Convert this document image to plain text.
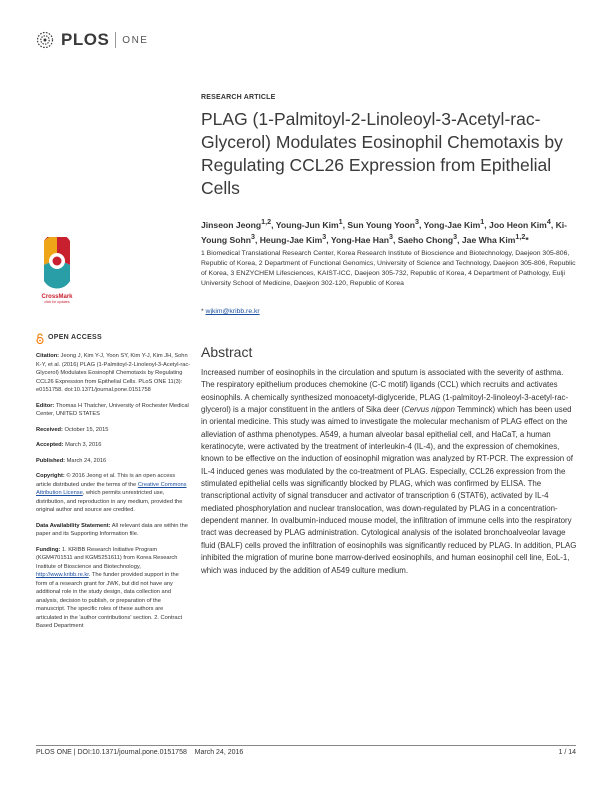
PLOS ONE
CrossMark
click for updates
RESEARCH ARTICLE
PLAG (1-Palmitoyl-2-Linoleoyl-3-Acetyl-rac-Glycerol) Modulates Eosinophil Chemotaxis by Regulating CCL26 Expression from Epithelial Cells
Jinseon Jeong$^{1,2}$, Young-Jun Kim$^1$, Sun Young Yoon$^3$, Yong-Jae Kim$^1$, Joo Heon Kim$^4$, Ki-Young Sohn$^3$, Heung-Jae Kim$^3$, Yong-Hae Han$^3$, Saeho Chong$^3$, Jae Wha Kim$^{1,2}$*
1 Biomedical Translational Research Center, Korea Research Institute of Bioscience and Biotechnology, Daejeon 305-806, Republic of Korea, 2 Department of Functional Genomics, University of Science and Technology, Daejeon 305-806, Republic of Korea, 3 ENZYCHEM Lifesciences, KAIST-ICC, Daejeon 305-732, Republic of Korea, 4 Department of Pathology, Eulji University School of Medicine, Daejeon 302-120, Republic of Korea
* wjkim@kribb.re.kr
Abstract
Increased number of eosinophils in the circulation and sputum is associated with the severity of asthma. The respiratory epithelium produces chemokine (C-C motif) ligands (CCL) which recruits and activates eosinophils. A chemically synthesized monoacetyl-diglyceride, PLAG (1-palmitoyl-2-linoleoyl-3-acetyl-rac-glycerol) is a major constituent in the antlers of Sika deer (Cervus nippon Temminck) which has been used in oriental medicine. This study was aimed to investigate the molecular mechanism of PLAG effect on the alleviation of asthma phenotypes. A549, a human alveolar basal epithelial cell, and HaCaT, a human keratinocyte, were activated by the treatment of interleukin-4 (IL-4), and the expression of chemokines, known to be effective on the induction of eosinophil migration was analyzed by RT-PCR. The expression of IL-4 induced genes was modulated by the co-treatment of PLAG. Especially, CCL26 expression from the stimulated epithelial cells was significantly blocked by PLAG, which was confirmed by ELISA. The transcriptional activity of signal transducer and activator of transcription 6 (STAT6), activated by IL-4 mediated phosphorylation and nuclear translocation, was down-regulated by PLAG in a concentration-dependent manner. In ovalbumin-induced mouse model, the infiltration of immune cells into the respiratory tract was decreased by PLAG administration. Cytological analysis of the isolated bronchoalveolar lavage fluid (BALF) cells proved the infiltration of eosinophils was significantly reduced by PLAG. In addition, PLAG inhibited the migration of murine bone marrow-derived eosinophils, and human eosinophil cell line, EoL-1, which was induced by the addition of A549 culture medium.
OPEN ACCESS
Citation: Jeong J, Kim Y-J, Yoon SY, Kim Y-J, Kim JH, Sohn K-Y, et al. (2016) PLAG (1-Palmitoyl-2-Linoleoyl-3-Acetyl-rac-Glycerol) Modulates Eosinophil Chemotaxis by Regulating CCL26 Expression from Epithelial Cells. PLoS ONE 11(3): e0151758. doi:10.1371/journal.pone.0151758
Editor: Thomas H Thatcher, University of Rochester Medical Center, UNITED STATES
Received: October 15, 2015
Accepted: March 3, 2016
Published: March 24, 2016
Copyright: © 2016 Jeong et al. This is an open access article distributed under the terms of the Creative Commons Attribution License, which permits unrestricted use, distribution, and reproduction in any medium, provided the original author and source are credited.
Data Availability Statement: All relevant data are within the paper and its Supporting Information file.
Funding: 1. KRIBB Research Initiative Program (KGM4701511 and KGM5251611) from Korea Research Institute of Bioscience and Biotechnology, http://www.kribb.re.kr. The funder provided support in the form of a research grant for JWK, but did not have any additional role in the study design, data collection and analysis, decision to publish, or preparation of the manuscript. The specific roles of these authors are articulated in the 'author contributions' section. 2. Contract Based Department
PLOS ONE | DOI:10.1371/journal.pone.0151758    March 24, 2016	1 / 14
